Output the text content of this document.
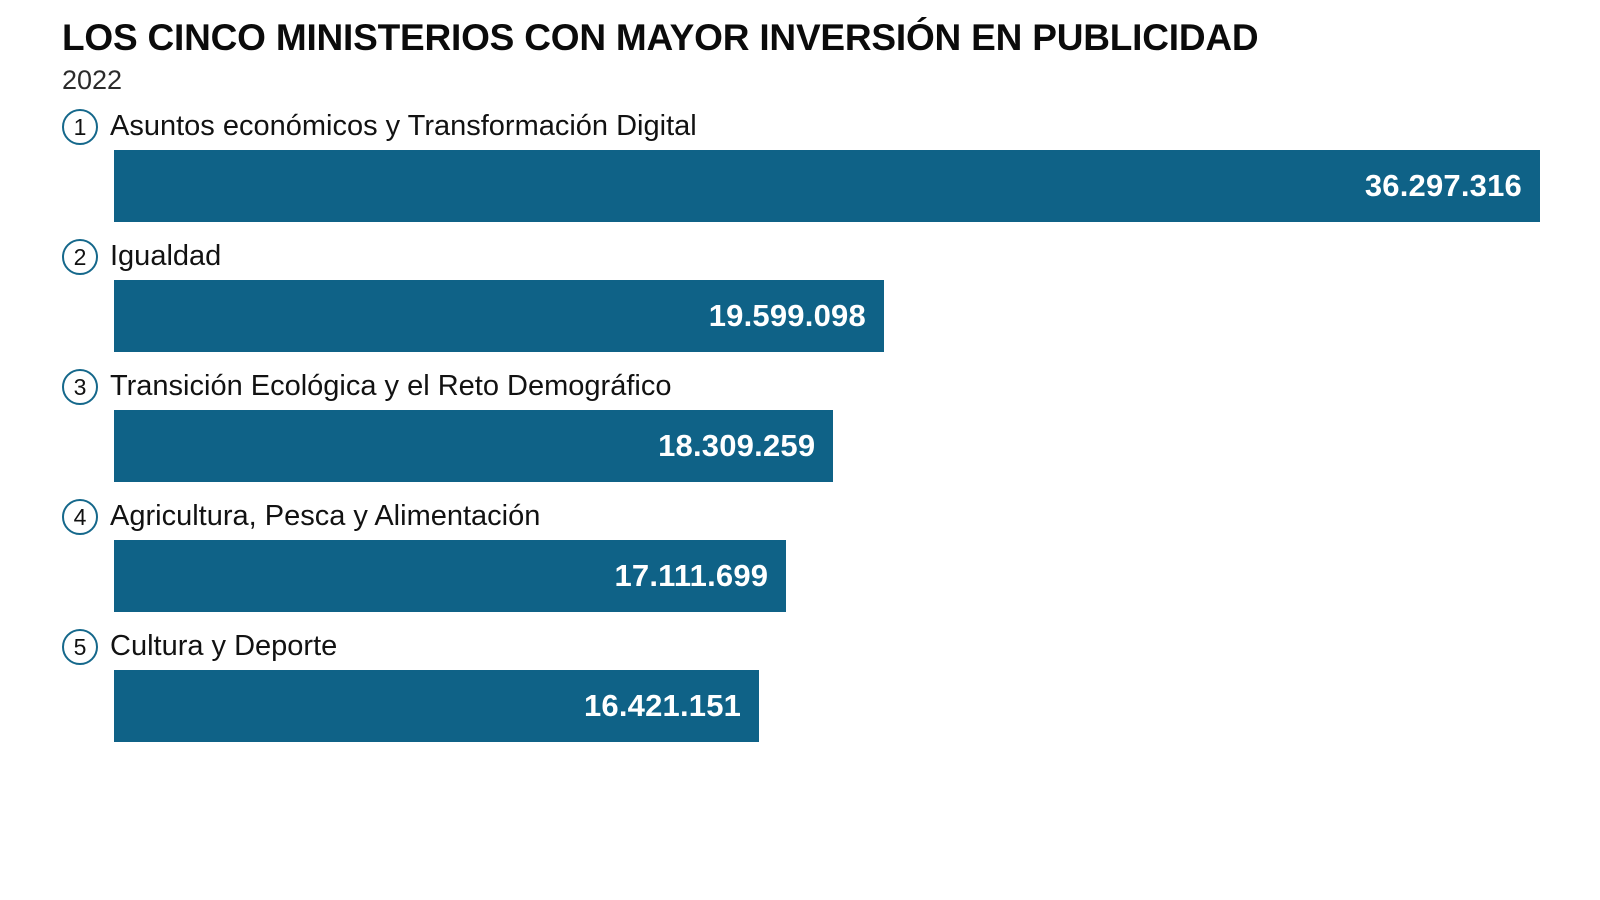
LOS CINCO MINISTERIOS CON MAYOR INVERSIÓN EN PUBLICIDAD
2022
1 Asuntos económicos y Transformación Digital
36.297.316
2 Igualdad
19.599.098
3 Transición Ecológica y el Reto Demográfico
18.309.259
4 Agricultura, Pesca y Alimentación
17.111.699
5 Cultura y Deporte
16.421.151
